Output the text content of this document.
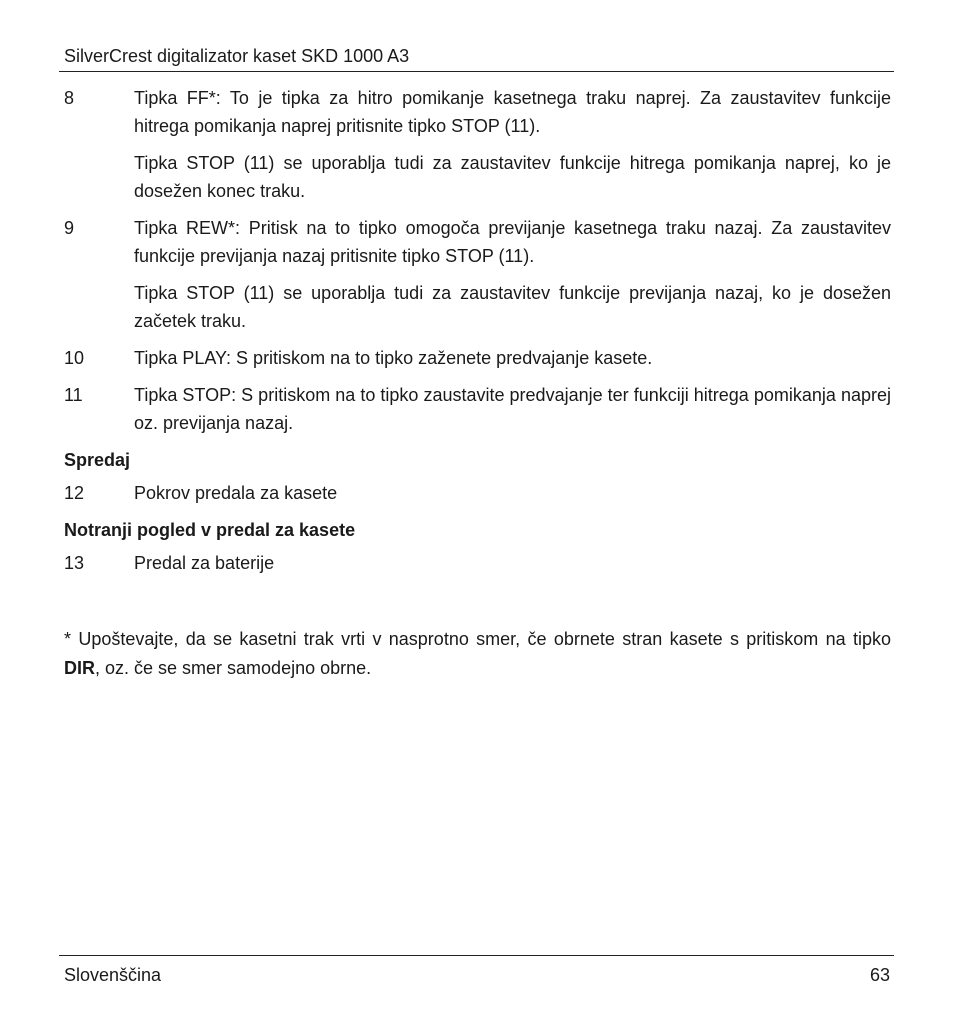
SilverCrest digitalizator kaset SKD 1000 A3
8	Tipka FF*: To je tipka za hitro pomikanje kasetnega traku naprej. Za zaustavitev funkcije hitrega pomikanja naprej pritisnite tipko STOP (11).

Tipka STOP (11) se uporablja tudi za zaustavitev funkcije hitrega pomikanja naprej, ko je dosežen konec traku.

9	Tipka REW*: Pritisk na to tipko omogoča previjanje kasetnega traku nazaj. Za zaustavitev funkcije previjanja nazaj pritisnite tipko STOP (11).

Tipka STOP (11) se uporablja tudi za zaustavitev funkcije previjanja nazaj, ko je dosežen začetek traku.

10	Tipka PLAY: S pritiskom na to tipko zaženete predvajanje kasete.

11	Tipka STOP: S pritiskom na to tipko zaustavite predvajanje ter funkciji hitrega pomikanja naprej oz. previjanja nazaj.

Spredaj
12	Pokrov predala za kasete

Notranji pogled v predal za kasete
13	Predal za baterije

* Upoštevajte, da se kasetni trak vrti v nasprotno smer, če obrnete stran kasete s pritiskom na tipko DIR, oz. če se smer samodejno obrne.

Slovenščina	63
